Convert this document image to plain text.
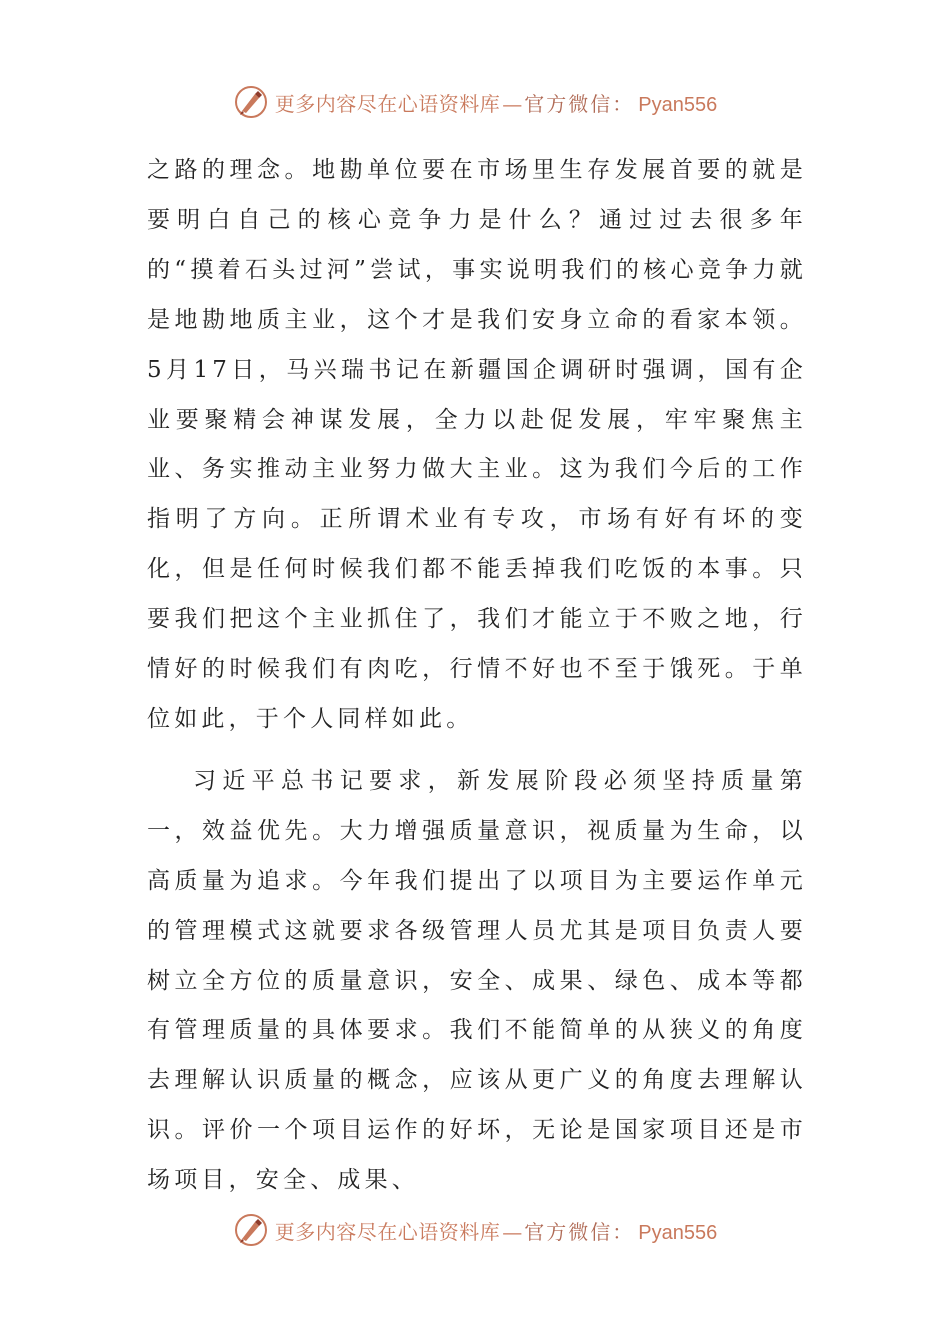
更多内容尽在心语资料库 — 官方微信： Pyan556

之路的理念。地勘单位要在市场里生存发展首要的就是要明白自己的核心竞争力是什么？通过过去很多年的“摸着石头过河”尝试，事实说明我们的核心竞争力就是地勘地质主业，这个才是我们安身立命的看家本领。5月17日，马兴瑞书记在新疆国企调研时强调，国有企业要聚精会神谋发展，全力以赴促发展，牢牢聚焦主业、务实推动主业努力做大主业。这为我们今后的工作指明了方向。正所谓术业有专攻，市场有好有坏的变化，但是任何时候我们都不能丢掉我们吃饭的本事。只要我们把这个主业抓住了，我们才能立于不败之地，行情好的时候我们有肉吃，行情不好也不至于饿死。于单位如此，于个人同样如此。

习近平总书记要求，新发展阶段必须坚持质量第一，效益优先。大力增强质量意识，视质量为生命，以高质量为追求。今年我们提出了以项目为主要运作单元的管理模式这就要求各级管理人员尤其是项目负责人要树立全方位的质量意识，安全、成果、绿色、成本等都有管理质量的具体要求。我们不能简单的从狭义的角度去理解认识质量的概念，应该从更广义的角度去理解认识。评价一个项目运作的好坏，无论是国家项目还是市场项目，安全、成果、

更多内容尽在心语资料库 — 官方微信： Pyan556
